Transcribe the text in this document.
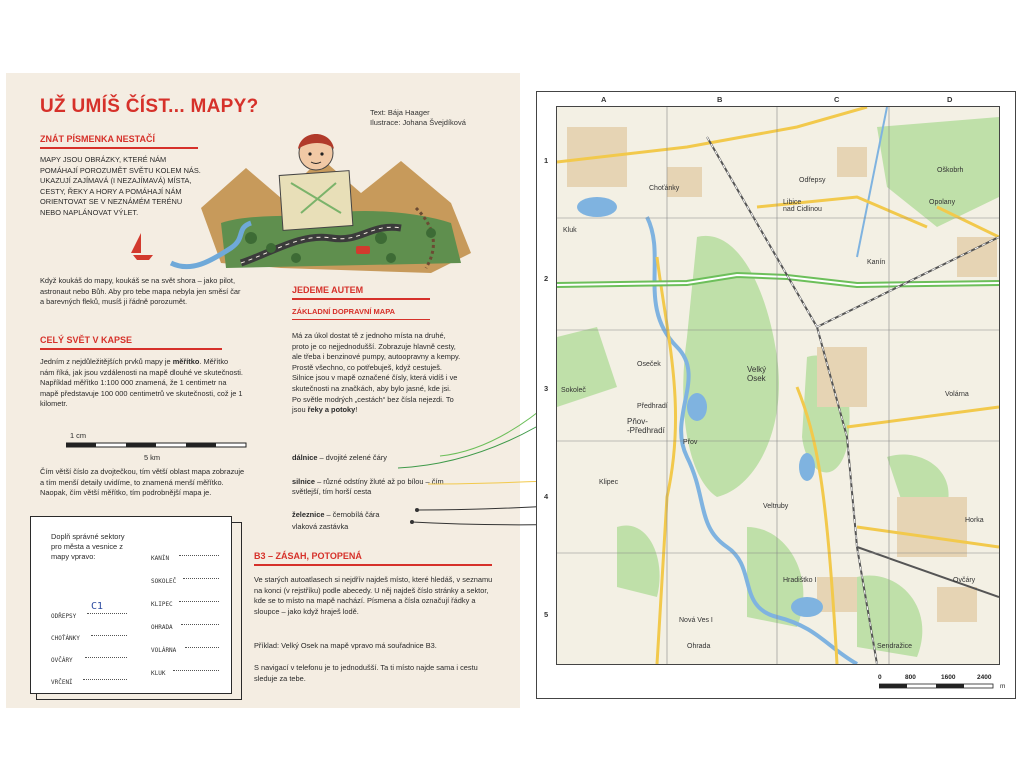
UŽ UMÍŠ ČÍST... MAPY?	Text: Bája Haager
Ilustrace: Johana Švejdíková
ZNÁT PÍSMENKA NESTAČÍ
MAPY JSOU OBRÁZKY, KTERÉ NÁM POMÁHAJÍ POROZUMĚT SVĚTU KOLEM NÁS. UKAZUJÍ ZAJÍMAVÁ (I NEZAJÍMAVÁ) MÍSTA, CESTY, ŘEKY A HORY A POMÁHAJÍ NÁM ORIENTOVAT SE V NEZNÁMÉM TERÉNU NEBO NAPLÁNOVAT VÝLET.
Když koukáš do mapy, koukáš se na svět shora – jako pilot, astronaut nebo Bůh. Aby pro tebe mapa nebyla jen směsí čar a barevných fleků, musíš ji řádně porozumět.
CELÝ SVĚT V KAPSE
Jedním z nejdůležitějších prvků mapy je měřítko. Měřítko nám říká, jak jsou vzdálenosti na mapě dlouhé ve skutečnosti. Například měřítko 1:100 000 znamená, že 1 centimetr na mapě představuje 100 000 centimetrů ve skutečnosti, což je 1 kilometr.
1 cm
5 km
Čím větší číslo za dvojtečkou, tím větší oblast mapa zobrazuje a tím menší detaily uvidíme, to znamená menší měřítko. Naopak, čím větší měřítko, tím podrobnější mapa je.
JEDEME AUTEM
ZÁKLADNÍ DOPRAVNÍ MAPA
Má za úkol dostat tě z jednoho místa na druhé, proto je co nejjednodušší. Zobrazuje hlavně cesty, ale třeba i benzinové pumpy, autoopravny a kempy. Prostě všechno, co potřebuješ, když cestuješ. Silnice jsou v mapě označené čísly, která vidíš i ve skutečnosti na značkách, aby bylo jasné, kde jsi. Po světle modrých „cestách“ bez čísla nejezdi. To jsou řeky a potoky!
dálnice – dvojité zelené čáry
silnice – různé odstíny žluté až po bílou – čím světlejší, tím horší cesta
železnice – černobílá čára
vlaková zastávka
B3 – ZÁSAH, POTOPENÁ
Ve starých autoatlasech si nejdřív najdeš místo, které hledáš, v seznamu na konci (v rejstříku) podle abecedy. U něj najdeš číslo stránky a sektor, kde se to místo na mapě nachází. Písmena a čísla označují řádky a sloupce – jako když hraješ lodě.
Příklad: Velký Osek na mapě vpravo má souřadnice B3.
S navigací v telefonu je to jednodušší. Ta ti místo najde sama i cestu sleduje za tebe.
Doplň správné sektory pro města a vesnice z mapy vpravo:
ODŘEPSY
C1
CHOŤÁNKY
OVČÁRY
VRČENÍ
KANÍN
SOKOLEČ
KLIPEC
OHRADA
VOLÁRNA
KLUK
A	B	C	D
1
2
3
4
5
Choťánky
Odřepsy
Libice
nad Cidlinou
Opolany
Oškobrh
Kanín
Kluk
Oseček
Sokoleč
Předhradí
Velký
Osek
Přov
Pňov-
-Předhradí
Volárna
Klipec
Veltruby
Hradištko I
Nová Ves I
Ohrada	Sendražice
Ovčáry
Horka
0	800	1600	2400
m
